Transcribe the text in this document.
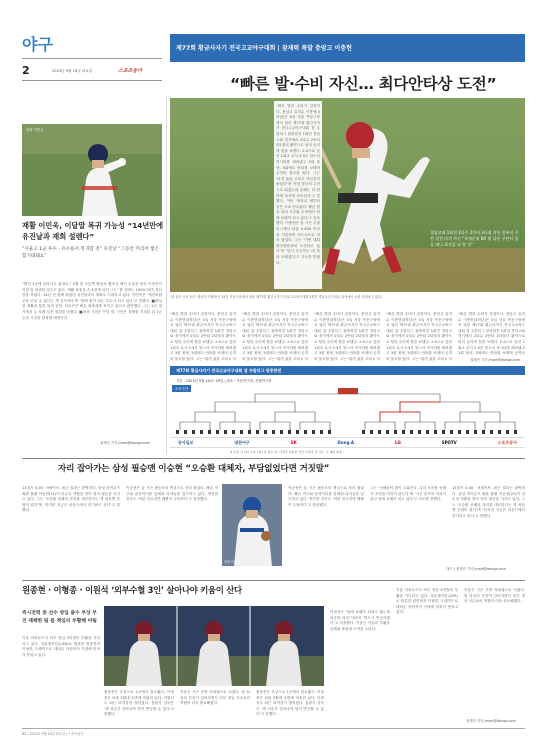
야구
2	2023년 5월 16일 화요일	스포츠동아
제77회 황금사자기 전국고교야구대회 | 잠재력 폭발 충암고 이충헌
“빠른 발·수비 자신… 최다안타상 도전”
“빠른 발과 수비가 강점이다. 충암고 유격수 이충헌(3학년)은 5일 서울 목동구장에서 열린 제77회 황금사자기 전국고교야구대회 겸 주말리그 왕중왕전 1회전 경남고와 경기에서 2타수 2안타 2타점의 활약으로 팀의 승리에 힘을 보탰다. 2-0으로 앞선 1회초 무사 2·3루 찬스서 적시타를 때려냈고 3회 볼넷, 5회에도 안타를 보태며 공격의 물꼬를 텄다. 그는 ‘타격 폼을 고치고 자신감이 붙었다’며 ‘작년 봄부터 주전으로 뛰었는데 올해는 더 편하게 타석에 들어선다’고 말했다. 이어 ‘중학교 때부터 꿈은 프로 선수였다. 빠른 발을 살려 도루와 수비에서 팀에 보탬이 되고 싶다’고 강조했다. 이충헌은 올 시즌 주말리그에서 타율 0.400 이상을 기록하며 리드오프로 자리 잡았다. 그는 ‘이번 대회 최다안타상에 도전하고 싶다’며 ‘팀이 우승하는 데 힘을 보태겠다’고 각오를 밝혔다.
경남고와 1회전 2타수 2안타 2타점 작년 봄부터 주전 실전 타격 자신 “특정순위 KA 팀 다운 구단이 있을 테니 최선을 다 할 것”
‘내 꿈은 프로 선수’ 충암고 이충헌이 15일 목동구장에서 열린 제77회 황금사자기 전국고교야구대회 2회전 경남고전 1회초 타석에서 공을 지켜보고 있다.
“빠른 발과 수비가 강점이다. 충암고 유격수 이충헌(3학년)은 5일 서울 목동구장에서 열린 제77회 황금사자기 전국고교야구대회 겸 주말리그 왕중왕전 1회전 경남고와 경기에서 2타수 2안타 2타점의 활약으로 팀의 승리에 힘을 보탰다. 2-0으로 앞선 1회초 무사 2·3루 찬스서 적시타를 때려냈고 3회 볼넷, 5회에도 안타를 보태며 공격의 물꼬를 텄다. 그는 ‘타격 폼을 고치고 자
“빠른 발과 수비가 강점이다. 충암고 유격수 이충헌(3학년)은 5일 서울 목동구장에서 열린 제77회 황금사자기 전국고교야구대회 겸 주말리그 왕중왕전 1회전 경남고와 경기에서 2타수 2안타 2타점의 활약으로 팀의 승리에 힘을 보탰다. 2-0으로 앞선 1회초 무사 2·3루 찬스서 적시타를 때려냈고 3회 볼넷, 5회에도 안타를 보태며 공격의 물꼬를 텄다. 그는 ‘타격 폼을 고치고 자
“빠른 발과 수비가 강점이다. 충암고 유격수 이충헌(3학년)은 5일 서울 목동구장에서 열린 제77회 황금사자기 전국고교야구대회 겸 주말리그 왕중왕전 1회전 경남고와 경기에서 2타수 2안타 2타점의 활약으로 팀의 승리에 힘을 보탰다. 2-0으로 앞선 1회초 무사 2·3루 찬스서 적시타를 때려냈고 3회 볼넷, 5회에도 안타를 보태며 공격의 물꼬를 텄다. 그는 ‘타격 폼을 고치고 자
“빠른 발과 수비가 강점이다. 충암고 유격수 이충헌(3학년)은 5일 서울 목동구장에서 열린 제77회 황금사자기 전국고교야구대회 겸 주말리그 왕중왕전 1회전 경남고와 경기에서 2타수 2안타 2타점의 활약으로 팀의 승리에 힘을 보탰다. 2-0으로 앞선 1회초 무사 2·3루 찬스서 적시타를 때려냈고 3회 볼넷, 5회에도 안타를 보태며 공격의 물꼬를 텄다. 그는 ‘타격 폼을 고치고 자
“빠른 발과 수비가 강점이다. 충암고 유격수 이충헌(3학년)은 5일 서울 목동구장에서 열린 제77회 황금사자기 전국고교야구대회 겸 주말리그 왕중왕전 1회전 경남고와 경기에서 2타수 2안타 2타점의 활약으로 팀의 승리에 힘을 보탰다. 2-0으로 앞선 1회초 무사 2·3루 찬스서 적시타를 때려냈고 3회 볼넷, 5회에도 안타를 보태며 공격의
권재민 기자 jmart@donga.com
제77회 황금사자기 전국고교야구대회 겸 주말리그 왕중왕전
기간 : 2023년 5월 14일~29일 | 장소 : 목동야구장, 신월야구장
소속구단
동아일보	대한야구	SK	Dong-A	LG	SPOTV	스포츠동아
※ 우승 시 (12 소속 1점) 팀 점수 차. 이정후 비롯한 강한 이정후 강 지는 시 개최 예정
한화 이민우
재활 이민욱, 이달말 복귀 가능성 “14년만에 유진날과 재회 설렌다”
“서울고 1군 투수 · 유수용서 복귀할 것” 유진날 “그동안 커리어 쌓은 힘기대돼요”
“빨리 1군에 올라가고 싶네요.” 2월 말 오른쪽 팔꿈치 뼛조각 제거 수술을 받은 이민욱이 이달 말 복귀를 앞두고 있다. 재활 과정을 순조롭게 마친 그는 ‘몸 상태는 100%’라며 자신감을 보였다. 14년 전 함께 뛰었던 유진날과의 재회도 기대하고 있다. 이민욱은 ‘예전처럼 공을 던질 수 있다는 게 감사하다’며 ‘팀에 힘이 되는 투수가 되고 싶다’고 말했다. ■확실한 재활을 통한 복귀 준비. 의료진은 빠른 회복세를 보이고 있다고 판단했다. 그는 2군 경기에서 두 차례 실전 점검을 마쳤다. ■복귀 시점은 이달 말. 구단은 상태를 지켜본 뒤 1군 등록 시점을 결정할 예정이다.
권재민 기자 jmart@donga.com
자리 잡아가는 삼성 필승맨 이승현 “오승환 대체자, 부담없었다면 거짓말”
13경기 0.00 · 9세이브. 최근 결과는 완벽하다. 삼성 라이온즈 좌완 불펜 이승현(21)이 마무리 역할을 맡아 팀의 뒷문을 지키고 있다. 그는 ‘오승환 선배의 자리를 대신한다는 게 처음엔 부담이 컸다’며 ‘하지만 지금은 마운드에서 즐기려고 한다’고 말했다.
이승현은 올 시즌 필승조의 핵심으로 자리 잡았다. 빠른 직구와 슬라이더를 앞세워 타자들을 압도하고 있다. 박진만 감독도 ‘어린 선수지만 배짱이 두둑하다’고 칭찬했다.
삼성 이승현
이승현은 올 시즌 필승조의 핵심으로 자리 잡았다. 빠른 직구와 슬라이더를 앞세워 타자들을 압도하고 있다. 박진만 감독도 ‘어린 선수지만 배짱이 두둑하다’고 칭찬했다.
그는 ‘선배들이 많이 도와준다. 특히 오승환 선배가 조언을 아끼지 않는다’며 ‘시즌 끝까지 다치지 않고 팀에 보탬이 되고 싶다’고 각오를 전했다.
13경기 0.00 · 9세이브. 최근 결과는 완벽하다. 삼성 라이온즈 좌완 불펜 이승현(21)이 마무리 역할을 맡아 팀의 뒷문을 지키고 있다. 그는 ‘오승환 선배의 자리를 대신한다는 게 처음엔 부담이 컸다’며 ‘하지만 지금은 마운드에서 즐기려고 한다’고 말했다.
대구 | 권재민 기자 jmart@donga.com
원종현 · 이형종 · 이원석 ‘외부수혈 3인’ 살아나야 키움이 산다
즉시전력 중 선수 영입 줄수 부상 부진 제패한 팀 몫 책임러 부활해 버팀
키움 히어로즈가 외부 영입 3인방의 부활을 기다리고 있다. 자유계약선수(FA)로 합류한 원종현과 이형종, 트레이드로 데려온 이원석이 기대에 미치지 못하고 있다.
원종현은 부상으로 1군에서 말소됐고, 이형종은 타율 2할대 초반에 머물러 있다. 이원석도 최근 타격감이 떨어졌다. 홍원기 감독은 ‘세 선수가 살아나야 팀이 반등할 수 있다’고 말했다.
키움은 시즌 초반 하위권으로 처졌다. 팀 타선의 부진이 길어지면서 외부 영입 선수들의 역할이 더욱 중요해졌다.
원종현은 부상으로 1군에서 말소됐고, 이형종은 타율 2할대 초반에 머물러 있다. 이원석도 최근 타격감이 떨어졌다. 홍원기 감독은 ‘세 선수가 살아나야 팀이 반등할 수 있다’고 말했다.
이원석은 ‘팀에 보탬이 되려고 왔는데 죄송한 마음’이라며 ‘반드시 반등하겠다’고 다짐했다. 키움은 이들의 부활을 앞세워 중위권 도약을 노린다.
키움 히어로즈가 외부 영입 3인방의 부활을 기다리고 있다. 자유계약선수(FA)로 합류한 원종현과 이형종, 트레이드로 데려온 이원석이 기대에 미치지 못하고 있다.
키움은 시즌 초반 하위권으로 처졌다. 팀 타선의 부진이 길어지면서 외부 영입 선수들의 역할이 더욱 중요해졌다.
권재민 기자 jmart@donga.com
B2 | 2023년 5월 16일 화요일 | 스포츠동아
